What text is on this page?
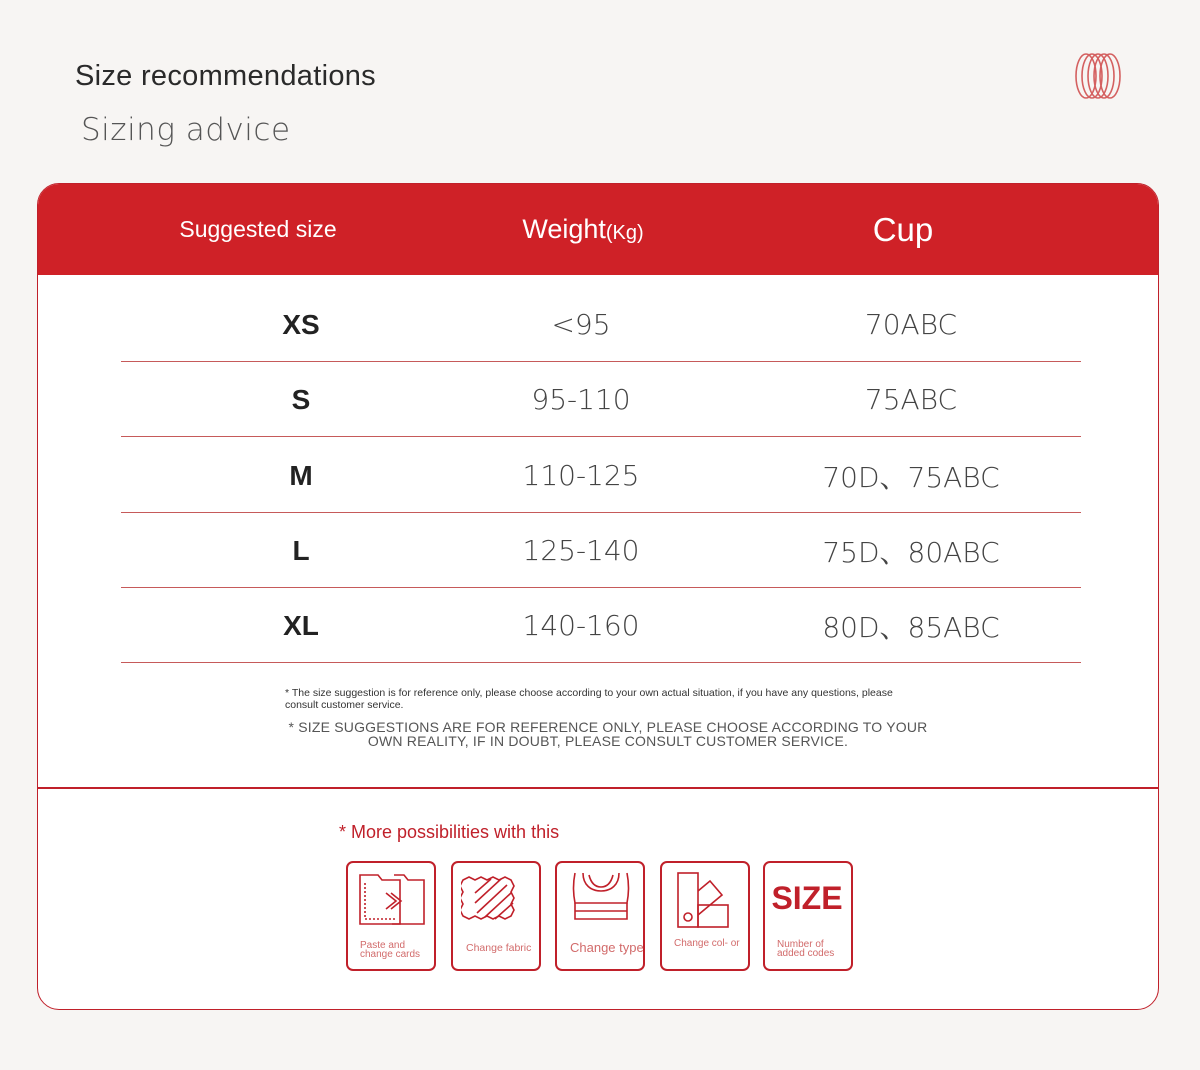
Size recommendations
Sizing advice
Suggested size	Weight (Kg)	Cup
XS	<95	70ABC
S	95-110	75ABC
M	110-125	70D、75ABC
L	125-140	75D、80ABC
XL	140-160	80D、85ABC
* The size suggestion is for reference only, please choose according to your own actual situation, if you have any questions, please consult customer service.
* SIZE SUGGESTIONS ARE FOR REFERENCE ONLY, PLEASE CHOOSE ACCORDING TO YOUR OWN REALITY, IF IN DOUBT, PLEASE CONSULT CUSTOMER SERVICE.
* More possibilities with this
Paste and change cards
Change fabric	Change type	Change col- or
SIZE
Number of added codes
